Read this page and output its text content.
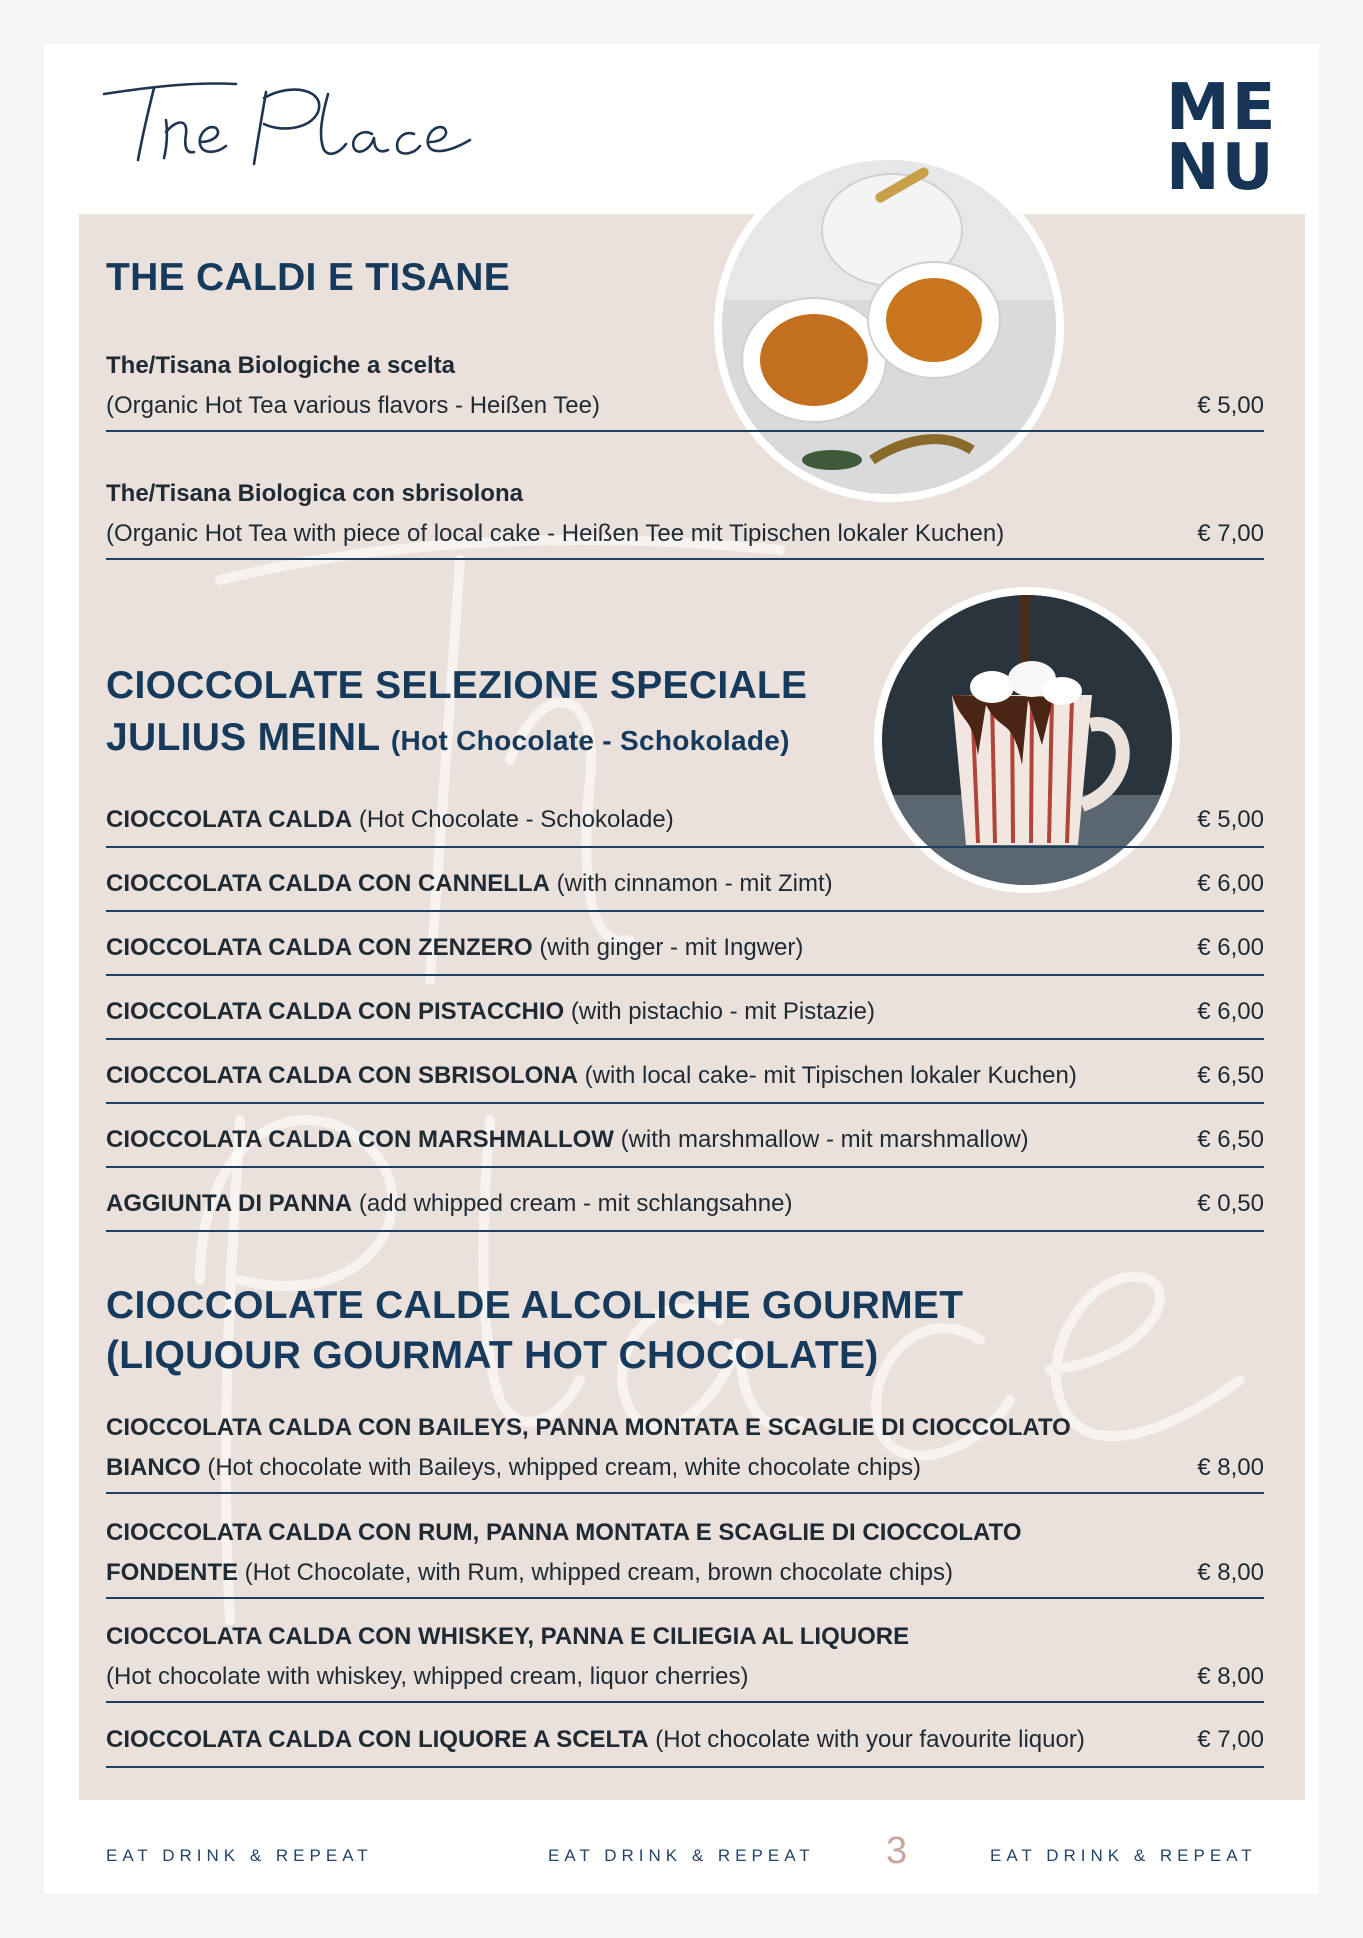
ME
NU
THE CALDI E TISANE
The/Tisana Biologiche a scelta
(Organic Hot Tea various flavors - Heißen Tee)	€ 5,00
The/Tisana Biologica con sbrisolona
(Organic Hot Tea with piece of local cake - Heißen Tee mit Tipischen lokaler Kuchen)	€ 7,00
CIOCCOLATE SELEZIONE SPECIALE
JULIUS MEINL (Hot Chocolate - Schokolade)
CIOCCOLATA CALDA (Hot Chocolate - Schokolade)	€ 5,00
CIOCCOLATA CALDA CON CANNELLA (with cinnamon - mit Zimt)	€ 6,00
CIOCCOLATA CALDA CON ZENZERO (with ginger - mit Ingwer)	€ 6,00
CIOCCOLATA CALDA CON PISTACCHIO (with pistachio - mit Pistazie)	€ 6,00
CIOCCOLATA CALDA CON SBRISOLONA (with local cake- mit Tipischen lokaler Kuchen)	€ 6,50
CIOCCOLATA CALDA CON MARSHMALLOW (with marshmallow - mit marshmallow)	€ 6,50
AGGIUNTA DI PANNA (add whipped cream - mit schlangsahne)	€ 0,50
CIOCCOLATE CALDE ALCOLICHE GOURMET
(LIQUOUR GOURMAT HOT CHOCOLATE)
CIOCCOLATA CALDA CON BAILEYS, PANNA MONTATA E SCAGLIE DI CIOCCOLATO
BIANCO (Hot chocolate with Baileys, whipped cream, white chocolate chips)	€ 8,00
CIOCCOLATA CALDA CON RUM, PANNA MONTATA E SCAGLIE DI CIOCCOLATO
FONDENTE (Hot Chocolate, with Rum, whipped cream, brown chocolate chips)	€ 8,00
CIOCCOLATA CALDA CON WHISKEY, PANNA E CILIEGIA AL LIQUORE
(Hot chocolate with whiskey, whipped cream, liquor cherries)	€ 8,00
CIOCCOLATA CALDA CON LIQUORE A SCELTA (Hot chocolate with your favourite liquor)	€ 7,00
EAT DRINK & REPEAT	EAT DRINK & REPEAT 3	EAT DRINK & REPEAT
